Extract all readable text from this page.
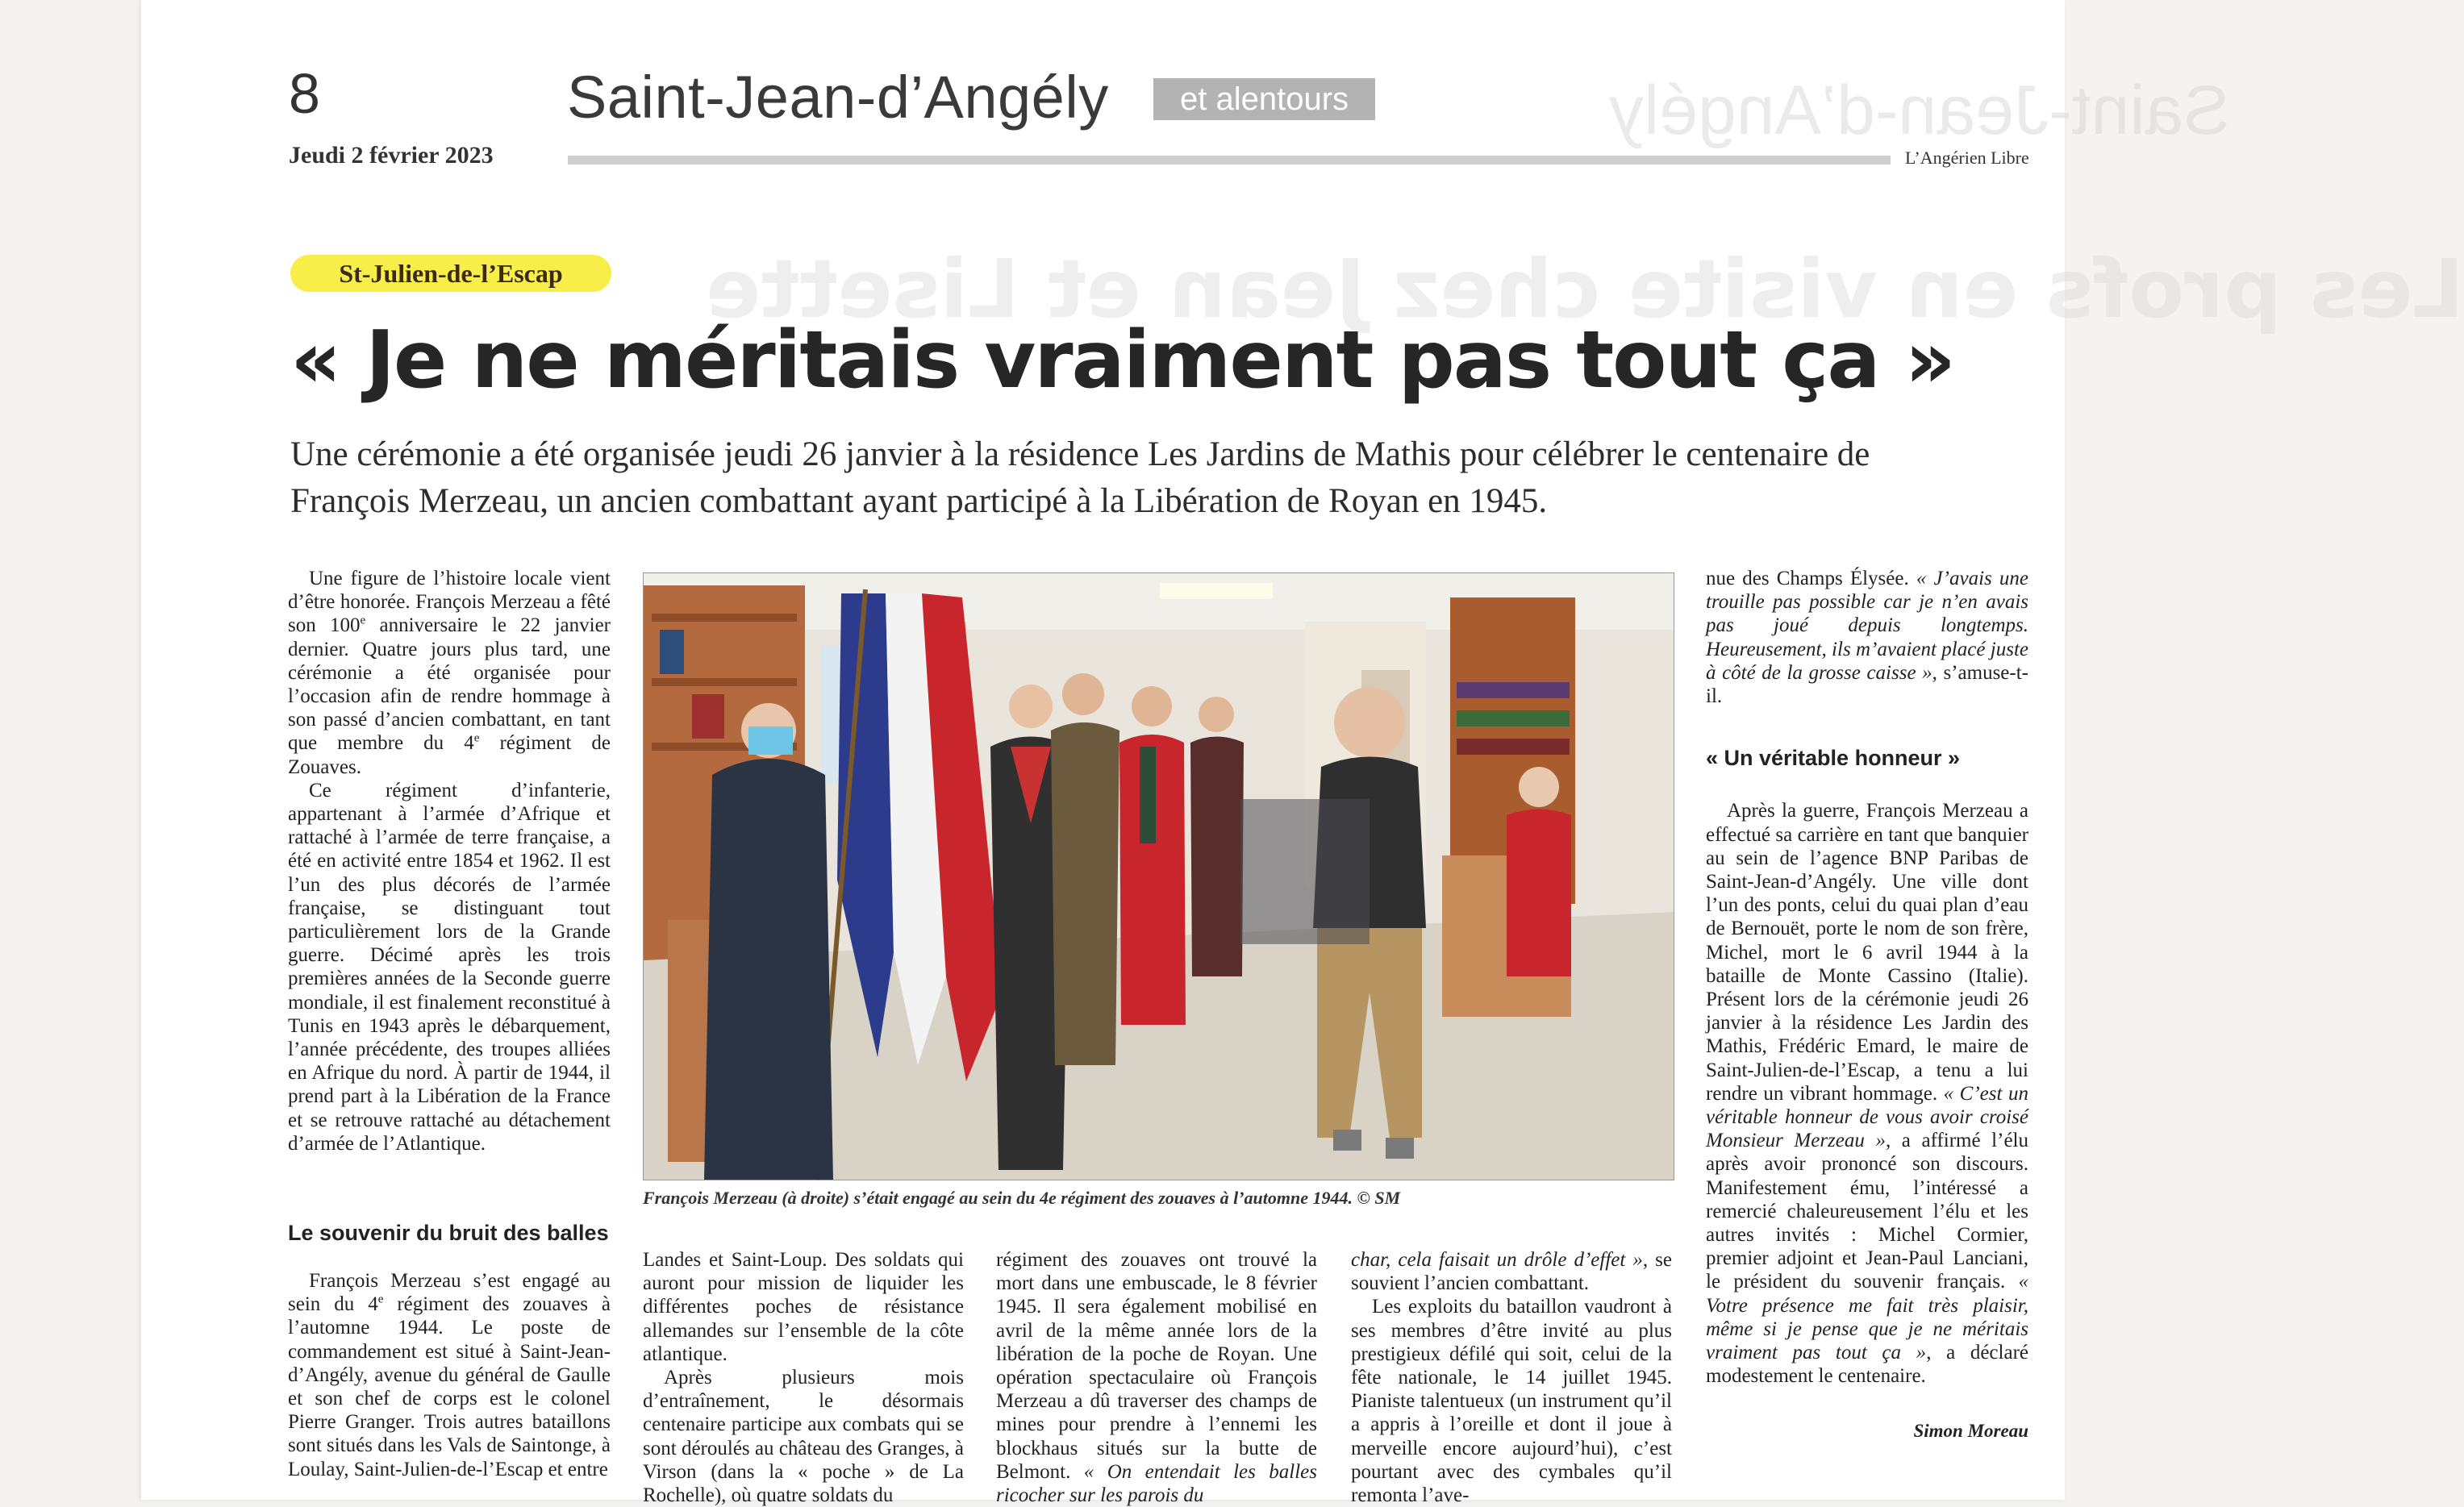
Saint-Jean-d’Angély
Les profs en visite chez Jean et Lisette
8
Jeudi 2 février 2023
Saint-Jean-d’Angély	et alentours
L’Angérien Libre
St-Julien-de-l’Escap
« Je ne méritais vraiment pas tout ça »
Une cérémonie a été organisée jeudi 26 janvier à la résidence Les Jardins de Mathis pour célébrer le centenaire de François Merzeau, un ancien combattant ayant participé à la Libération de Royan en 1945.

Une figure de l’histoire locale vient d’être honorée. François Merzeau a fêté son 100e anniversaire le 22 janvier dernier. Quatre jours plus tard, une cérémonie a été organisée pour l’occasion afin de rendre hommage à son passé d’ancien combattant, en tant que membre du 4e régiment de Zouaves.

Ce régiment d’infanterie, appartenant à l’armée d’Afrique et rattaché à l’armée de terre française, a été en activité entre 1854 et 1962. Il est l’un des plus décorés de l’armée française, se distinguant tout particulièrement lors de la Grande guerre. Décimé après les trois premières années de la Seconde guerre mondiale, il est finalement reconstitué à Tunis en 1943 après le débarquement, l’année précédente, des troupes alliées en Afrique du nord. À partir de 1944, il prend part à la Libération de la France et se retrouve rattaché au détachement d’armée de l’Atlantique.

Le souvenir du bruit des balles

François Merzeau s’est engagé au sein du 4e régiment des zouaves à l’automne 1944. Le poste de commandement est situé à Saint-Jean-d’Angély, avenue du général de Gaulle et son chef de corps est le colonel Pierre Granger. Trois autres bataillons sont situés dans les Vals de Saintonge, à Loulay, Saint-Julien-de-l’Escap et entre

François Merzeau (à droite) s’était engagé au sein du 4e régiment des zouaves à l’automne 1944. © SM

Landes et Saint-Loup. Des soldats qui auront pour mission de liquider les différentes poches de résistance allemandes sur l’ensemble de la côte atlantique.

Après plusieurs mois d’entraînement, le désormais centenaire participe aux combats qui se sont déroulés au château des Granges, à Virson (dans la « poche » de La Rochelle), où quatre soldats du

régiment des zouaves ont trouvé la mort dans une embuscade, le 8 février 1945. Il sera également mobilisé en avril de la même année lors de la libération de la poche de Royan. Une opération spectaculaire où François Merzeau a dû traverser des champs de mines pour prendre à l’ennemi les blockhaus situés sur la butte de Belmont. « On entendait les balles ricocher sur les parois du

char, cela faisait un drôle d’effet », se souvient l’ancien combattant.

Les exploits du bataillon vaudront à ses membres d’être invité au plus prestigieux défilé qui soit, celui de la fête nationale, le 14 juillet 1945. Pianiste talentueux (un instrument qu’il a appris à l’oreille et dont il joue à merveille encore aujourd’hui), c’est pourtant avec des cymbales qu’il remonta l’ave-

nue des Champs Élysée. « J’avais une trouille pas possible car je n’en avais pas joué depuis longtemps. Heureusement, ils m’avaient placé juste à côté de la grosse caisse », s’amuse-t-il.

« Un véritable honneur »

Après la guerre, François Merzeau a effectué sa carrière en tant que banquier au sein de l’agence BNP Paribas de Saint-Jean-d’Angély. Une ville dont l’un des ponts, celui du quai plan d’eau de Bernouët, porte le nom de son frère, Michel, mort le 6 avril 1944 à la bataille de Monte Cassino (Italie). Présent lors de la cérémonie jeudi 26 janvier à la résidence Les Jardin des Mathis, Frédéric Emard, le maire de Saint-Julien-de-l’Escap, a tenu a lui rendre un vibrant hommage. « C’est un véritable honneur de vous avoir croisé Monsieur Merzeau », a affirmé l’élu après avoir prononcé son discours. Manifestement ému, l’intéressé a remercié chaleureusement l’élu et les autres invités : Michel Cormier, premier adjoint et Jean-Paul Lanciani, le président du souvenir français. « Votre présence me fait très plaisir, même si je pense que je ne méritais vraiment pas tout ça », a déclaré modestement le centenaire.

Simon Moreau
